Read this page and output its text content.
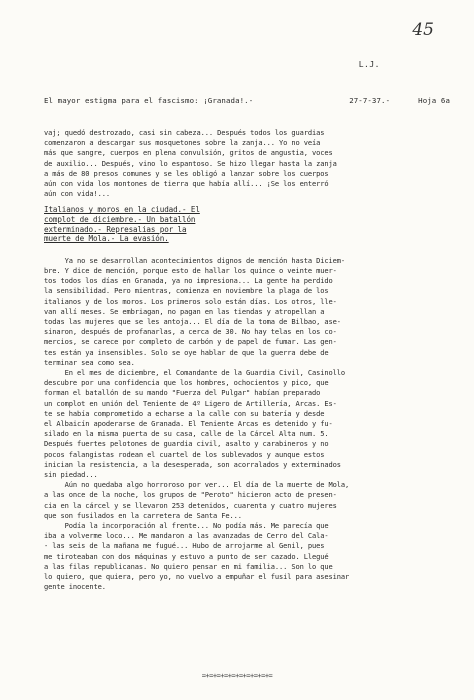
45
L.J.
El mayor estigma para el fascismo: ¡Granada!.-	27-7-37.-	Hoja 6a

vaj; quedó destrozado, casi sin cabeza... Después todos los guardias

comenzaron a descargar sus mosquetones sobre la zanja... Yo no veía

más que sangre, cuerpos en plena convulsión, gritos de angustia, voces

de auxilio... Después, vino lo espantoso. Se hizo llegar hasta la zanja

a más de 80 presos comunes y se les obligó a lanzar sobre los cuerpos

aún con vida los montones de tierra que había allí... ¡Se los enterró

aún con vida!...

Italianos y moros en la ciudad.- El
complot de diciembre.- Un batallón
exterminado.- Represalias por la
muerte de Mola.- La evasión.

Ya no se desarrollan acontecimientos dignos de mención hasta Diciem-

bre. Y dice de mención, porque esto de hallar los quince o veinte muer-

tos todos los días en Granada, ya no impresiona... La gente ha perdido

la sensibilidad. Pero mientras, comienza en noviembre la plaga de los

italianos y de los moros. Los primeros solo están días. Los otros, lle-

van allí meses. Se embriagan, no pagan en las tiendas y atropellan a

todas las mujeres que se les antoja... El día de la toma de Bilbao, ase-

sinaron, después de profanarlas, a cerca de 30. No hay telas en los co-

mercios, se carece por completo de carbón y de papel de fumar. Las gen-

tes están ya insensibles. Solo se oye hablar de que la guerra debe de

terminar sea como sea.

En el mes de diciembre, el Comandante de la Guardia Civil, Casinollo

descubre por una confidencia que los hombres, ochocientos y pico, que

forman el batallón de su mando "Fuerza del Pulgar" habían preparado

un complot en unión del Teniente de 4º Ligero de Artillería, Arcas. Es-

te se había comprometido a echarse a la calle con su batería y desde

el Albaicín apoderarse de Granada. El Teniente Arcas es detenido y fu-

silado en la misma puerta de su casa, calle de la Cárcel Alta num. 5.

Después fuertes pelotones de guardia civil, asalto y carabineros y no

pocos falangistas rodean el cuartel de los sublevados y aunque estos

inician la resistencia, a la desesperada, son acorralados y exterminados

sin piedad...

Aún no quedaba algo horroroso por ver... El día de la muerte de Mola,

a las once de la noche, los grupos de "Peroto" hicieron acto de presen-

cia en la cárcel y se llevaron 253 detenidos, cuarenta y cuatro mujeres

que son fusilados en la carretera de Santa Fe...

Podía la incorporación al frente... No podía más. Me parecía que

iba a volverme loco... Me mandaron a las avanzadas de Cerro del Cala-

- las seis de la mañana me fugué... Hubo de arrojarme al Genil, pues

me tiroteaban con dos máquinas y estuvo a punto de ser cazado. Llegué

a las filas republicanas. No quiero pensar en mi familia... Son lo que

lo quiero, que quiera, pero yo, no vuelvo a empuñar el fusil para asesinar

gente inocente.

=+=+=+=+=+=+=+=+=+=
